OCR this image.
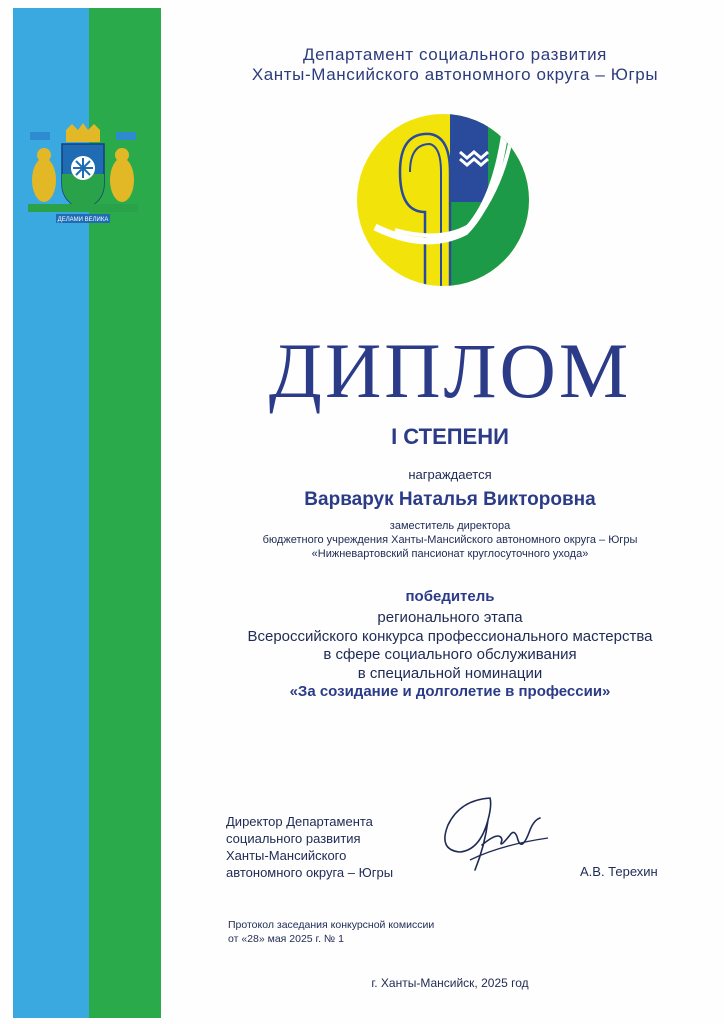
Департамент социального развития
Ханты-Мансийского автономного округа – Югры
ДЕЛАМИ ВЕЛИКА
ДИПЛОМ
I СТЕПЕНИ
награждается
Варварук Наталья Викторовна
заместитель директора
бюджетного учреждения Ханты-Мансийского автономного округа – Югры
«Нижневартовский пансионат круглосуточного ухода»
победитель
регионального этапа
Всероссийского конкурса профессионального мастерства
в сфере социального обслуживания
в специальной номинации
«За созидание и долголетие в профессии»
Директор Департамента
социального развития
Ханты-Мансийского
автономного округа – Югры	А.В. Терехин
Протокол заседания конкурсной комиссии
от «28» мая 2025 г. № 1
г. Ханты-Мансийск, 2025 год
